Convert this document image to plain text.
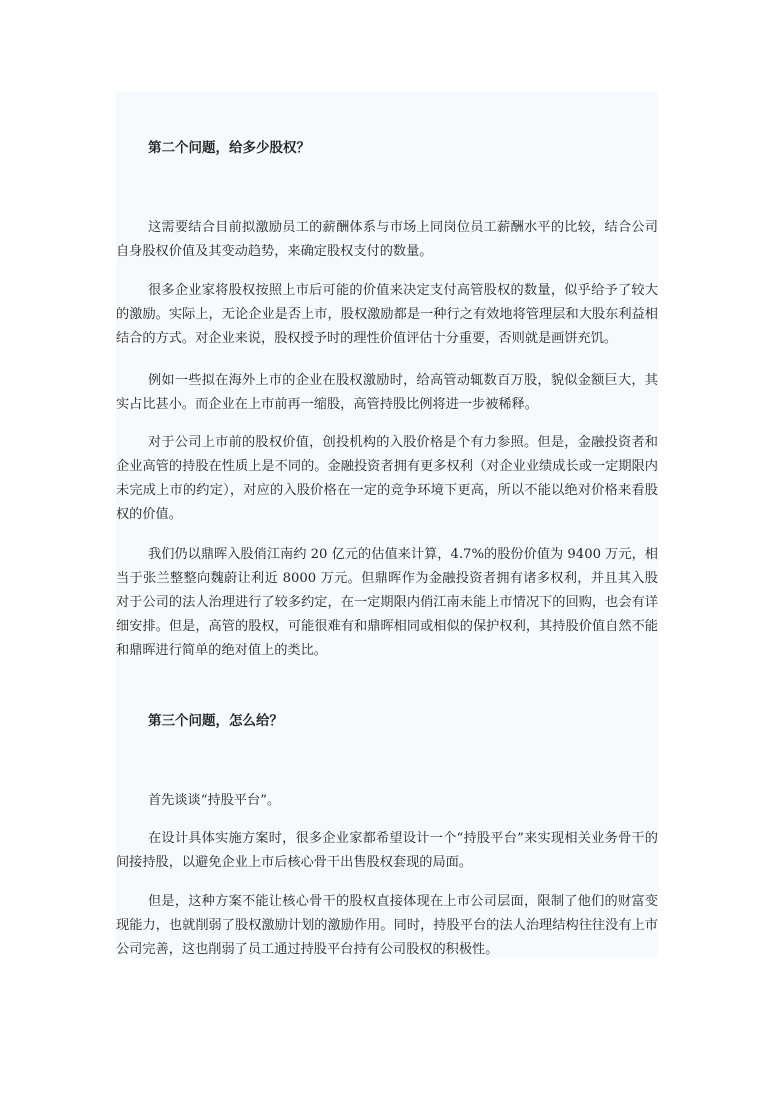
第二个问题，给多少股权？

这需要结合目前拟激励员工的薪酬体系与市场上同岗位员工薪酬水平的比较，结合公司自身股权价值及其变动趋势，来确定股权支付的数量。

很多企业家将股权按照上市后可能的价值来决定支付高管股权的数量，似乎给予了较大的激励。实际上，无论企业是否上市，股权激励都是一种行之有效地将管理层和大股东利益相结合的方式。对企业来说，股权授予时的理性价值评估十分重要，否则就是画饼充饥。

例如一些拟在海外上市的企业在股权激励时，给高管动辄数百万股，貌似金额巨大，其实占比甚小。而企业在上市前再一缩股，高管持股比例将进一步被稀释。

对于公司上市前的股权价值，创投机构的入股价格是个有力参照。但是，金融投资者和企业高管的持股在性质上是不同的。金融投资者拥有更多权利（对企业业绩成长或一定期限内未完成上市的约定），对应的入股价格在一定的竞争环境下更高，所以不能以绝对价格来看股权的价值。

我们仍以鼎晖入股俏江南约 20 亿元的估值来计算，4.7%的股份价值为 9400 万元，相当于张兰整整向魏蔚让利近 8000 万元。但鼎晖作为金融投资者拥有诸多权利，并且其入股对于公司的法人治理进行了较多约定，在一定期限内俏江南未能上市情况下的回购，也会有详细安排。但是，高管的股权，可能很难有和鼎晖相同或相似的保护权利，其持股价值自然不能和鼎晖进行简单的绝对值上的类比。

第三个问题，怎么给？

首先谈谈“持股平台”。

在设计具体实施方案时，很多企业家都希望设计一个“持股平台”来实现相关业务骨干的间接持股，以避免企业上市后核心骨干出售股权套现的局面。

但是，这种方案不能让核心骨干的股权直接体现在上市公司层面，限制了他们的财富变现能力，也就削弱了股权激励计划的激励作用。同时，持股平台的法人治理结构往往没有上市公司完善，这也削弱了员工通过持股平台持有公司股权的积极性。
